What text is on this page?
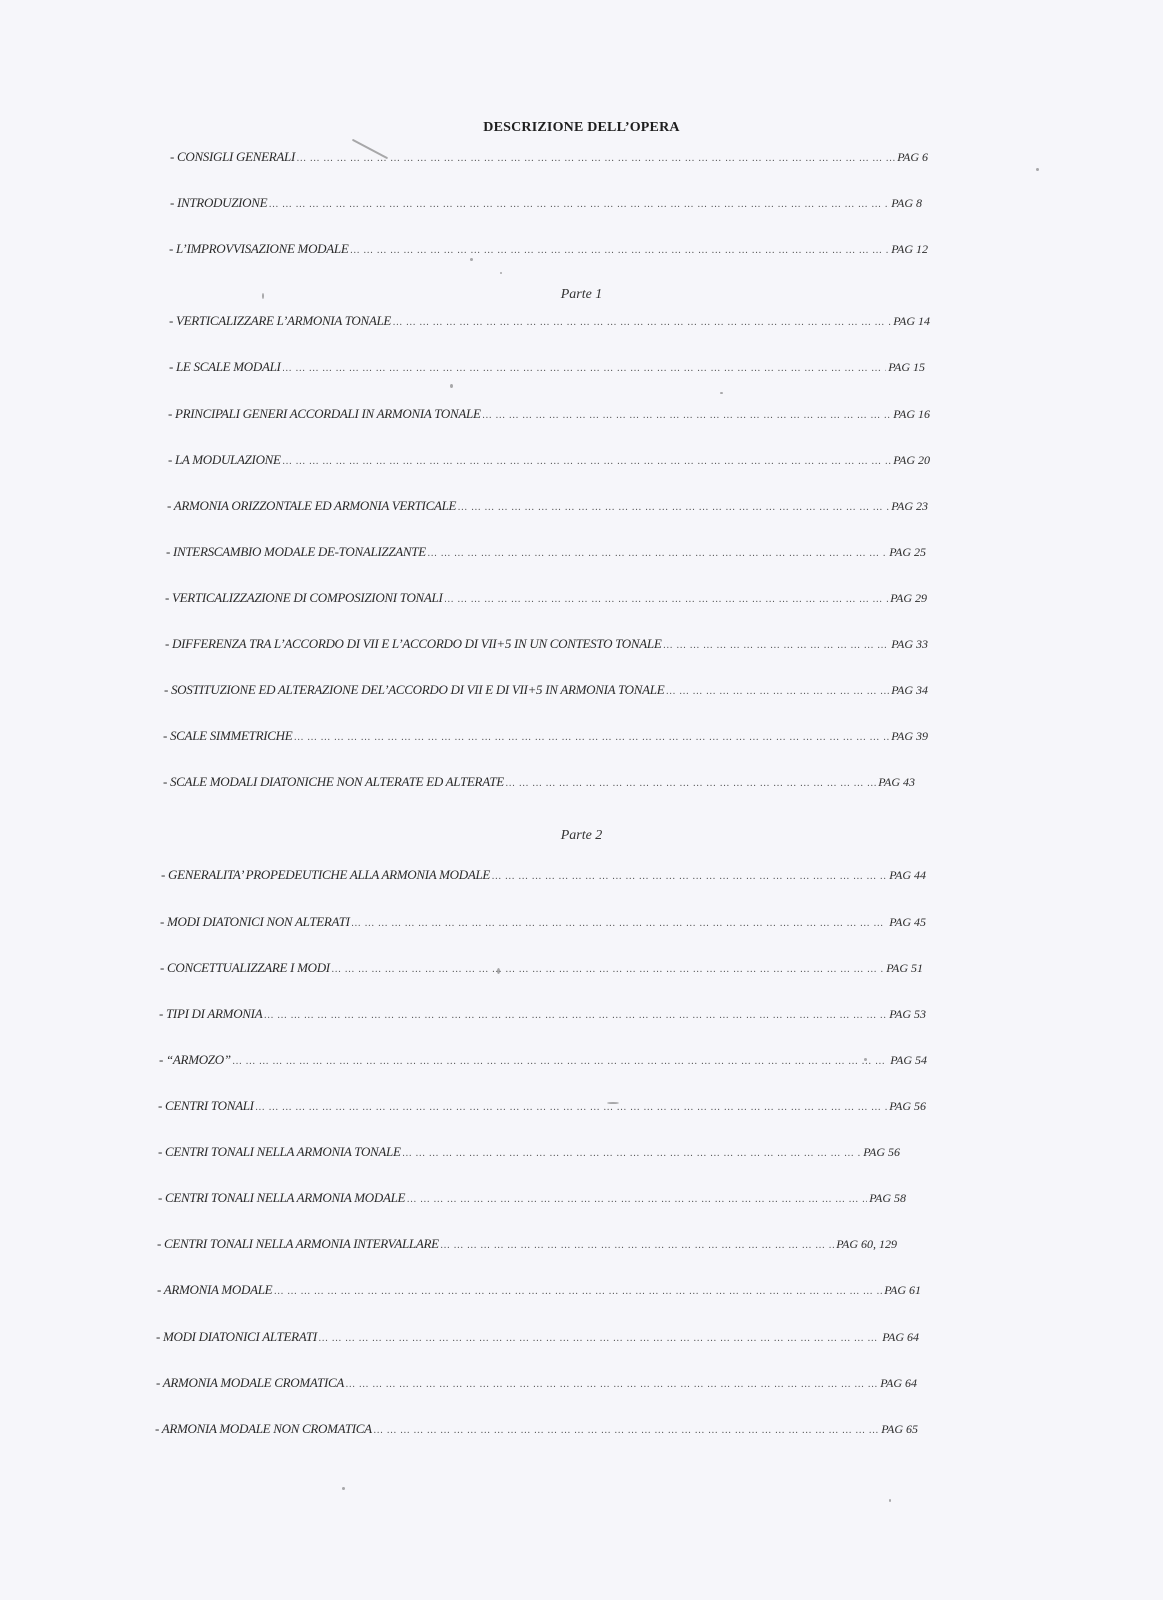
DESCRIZIONE DELL’OPERA
Parte 1
Parte 2
- CONSIGLI GENERALI … … … … … … … … … … … … … … … … … … … … … … … … … … … … … … … … … … … … … … … … … … … … … … … … … … … … … … … … … … … … … … … … … … … … … … … … … … … … … …	PAG 6
- INTRODUZIONE … … … … … … … … … … … … … … … … … … … … … … … … … … … … … … … … … … … … … … … … … … … … … … … … … … … … … … … … … … … … … … … … … … … … … … … … … … … … … …	PAG 8
- L’IMPROVVISAZIONE MODALE … … … … … … … … … … … … … … … … … … … … … … … … … … … … … … … … … … … … … … … … … … … … … … … … … … … … … … … … … … … … … … … … … … … … … … … … … … … … … …	PAG 12
- VERTICALIZZARE L’ARMONIA TONALE … … … … … … … … … … … … … … … … … … … … … … … … … … … … … … … … … … … … … … … … … … … … … … … … … … … … … … … … … … … … … … … … … … … … … … … … … … … … … …	PAG 14
- LE SCALE MODALI … … … … … … … … … … … … … … … … … … … … … … … … … … … … … … … … … … … … … … … … … … … … … … … … … … … … … … … … … … … … … … … … … … … … … … … … … … … … … …	PAG 15
- PRINCIPALI GENERI ACCORDALI IN ARMONIA TONALE … … … … … … … … … … … … … … … … … … … … … … … … … … … … … … … … … … … … … … … … … … … … … … … … … … … … … … … … … … … … … … … … … … … … … … … … … … … … … …	PAG 16
- LA MODULAZIONE … … … … … … … … … … … … … … … … … … … … … … … … … … … … … … … … … … … … … … … … … … … … … … … … … … … … … … … … … … … … … … … … … … … … … … … … … … … … … …	PAG 20
- ARMONIA ORIZZONTALE ED ARMONIA VERTICALE … … … … … … … … … … … … … … … … … … … … … … … … … … … … … … … … … … … … … … … … … … … … … … … … … … … … … … … … … … … … … … … … … … … … … … … … … … … … … …	PAG 23
- INTERSCAMBIO MODALE DE-TONALIZZANTE … … … … … … … … … … … … … … … … … … … … … … … … … … … … … … … … … … … … … … … … … … … … … … … … … … … … … … … … … … … … … … … … … … … … … … … … … … … … … …	PAG 25
- VERTICALIZZAZIONE DI COMPOSIZIONI TONALI … … … … … … … … … … … … … … … … … … … … … … … … … … … … … … … … … … … … … … … … … … … … … … … … … … … … … … … … … … … … … … … … … … … … … … … … … … … … … …	PAG 29
- DIFFERENZA TRA L’ACCORDO DI VII E L’ACCORDO DI VII+5 IN UN CONTESTO TONALE … … … … … … … … … … … … … … … … … … … … … … … … … … … … … … … … … … … … … … … … … … … … … … … … … … … … … … … … … … … … … … … … … … … … … … … … … … … … … …	PAG 33
- SOSTITUZIONE ED ALTERAZIONE DEL’ACCORDO DI VII E DI VII+5 IN ARMONIA TONALE … … … … … … … … … … … … … … … … … … … … … … … … … … … … … … … … … … … … … … … … … … … … … … … … … … … … … … … … … … … … … … … … … … … … … … … … … … … … … …	PAG 34
- SCALE SIMMETRICHE … … … … … … … … … … … … … … … … … … … … … … … … … … … … … … … … … … … … … … … … … … … … … … … … … … … … … … … … … … … … … … … … … … … … … … … … … … … … … …	PAG 39
- SCALE MODALI DIATONICHE NON ALTERATE ED ALTERATE … … … … … … … … … … … … … … … … … … … … … … … … … … … … … … … … … … … … … … … … … … … … … … … … … … … … … … … … … … … … … … … … … … … … … … … … … … … … … …	PAG 43
- GENERALITA’ PROPEDEUTICHE ALLA ARMONIA MODALE … … … … … … … … … … … … … … … … … … … … … … … … … … … … … … … … … … … … … … … … … … … … … … … … … … … … … … … … … … … … … … … … … … … … … … … … … … … … … …	PAG 44
- MODI DIATONICI NON ALTERATI … … … … … … … … … … … … … … … … … … … … … … … … … … … … … … … … … … … … … … … … … … … … … … … … … … … … … … … … … … … … … … … … … … … … … … … … … … … … … …	PAG 45
- CONCETTUALIZZARE I MODI … … … … … … … … … … … … … … … … … … … … … … … … … … … … … … … … … … … … … … … … … … … … … … … … … … … … … … … … … … … … … … … … … … … … … … … … … … … … … …	PAG 51
- TIPI DI ARMONIA … … … … … … … … … … … … … … … … … … … … … … … … … … … … … … … … … … … … … … … … … … … … … … … … … … … … … … … … … … … … … … … … … … … … … … … … … … … … … …	PAG 53
- “ARMOZO” … … … … … … … … … … … … … … … … … … … … … … … … … … … … … … … … … … … … … … … … … … … … … … … … … … … … … … … … … … … … … … … … … … … … … … … … … … … … … …	PAG 54
- CENTRI TONALI … … … … … … … … … … … … … … … … … … … … … … … … … … … … … … … … … … … … … … … … … … … … … … … … … … … … … … … … … … … … … … … … … … … … … … … … … … … … … …	PAG 56
- CENTRI TONALI NELLA ARMONIA TONALE … … … … … … … … … … … … … … … … … … … … … … … … … … … … … … … … … … … … … … … … … … … … … … … … … … … … … … … … … … … … … … … … … … … … … … … … … … … … … …	PAG 56
- CENTRI TONALI NELLA ARMONIA MODALE … … … … … … … … … … … … … … … … … … … … … … … … … … … … … … … … … … … … … … … … … … … … … … … … … … … … … … … … … … … … … … … … … … … … … … … … … … … … … …	PAG 58
- CENTRI TONALI NELLA ARMONIA INTERVALLARE … … … … … … … … … … … … … … … … … … … … … … … … … … … … … … … … … … … … … … … … … … … … … … … … … … … … … … … … … … … … … … … … … … … … … … … … … … … … … …	PAG 60, 129
- ARMONIA MODALE … … … … … … … … … … … … … … … … … … … … … … … … … … … … … … … … … … … … … … … … … … … … … … … … … … … … … … … … … … … … … … … … … … … … … … … … … … … … … …	PAG 61
- MODI DIATONICI ALTERATI … … … … … … … … … … … … … … … … … … … … … … … … … … … … … … … … … … … … … … … … … … … … … … … … … … … … … … … … … … … … … … … … … … … … … … … … … … … … … …	PAG 64
- ARMONIA MODALE CROMATICA … … … … … … … … … … … … … … … … … … … … … … … … … … … … … … … … … … … … … … … … … … … … … … … … … … … … … … … … … … … … … … … … … … … … … … … … … … … … … …	PAG 64
- ARMONIA MODALE NON CROMATICA … … … … … … … … … … … … … … … … … … … … … … … … … … … … … … … … … … … … … … … … … … … … … … … … … … … … … … … … … … … … … … … … … … … … … … … … … … … … … …	PAG 65
